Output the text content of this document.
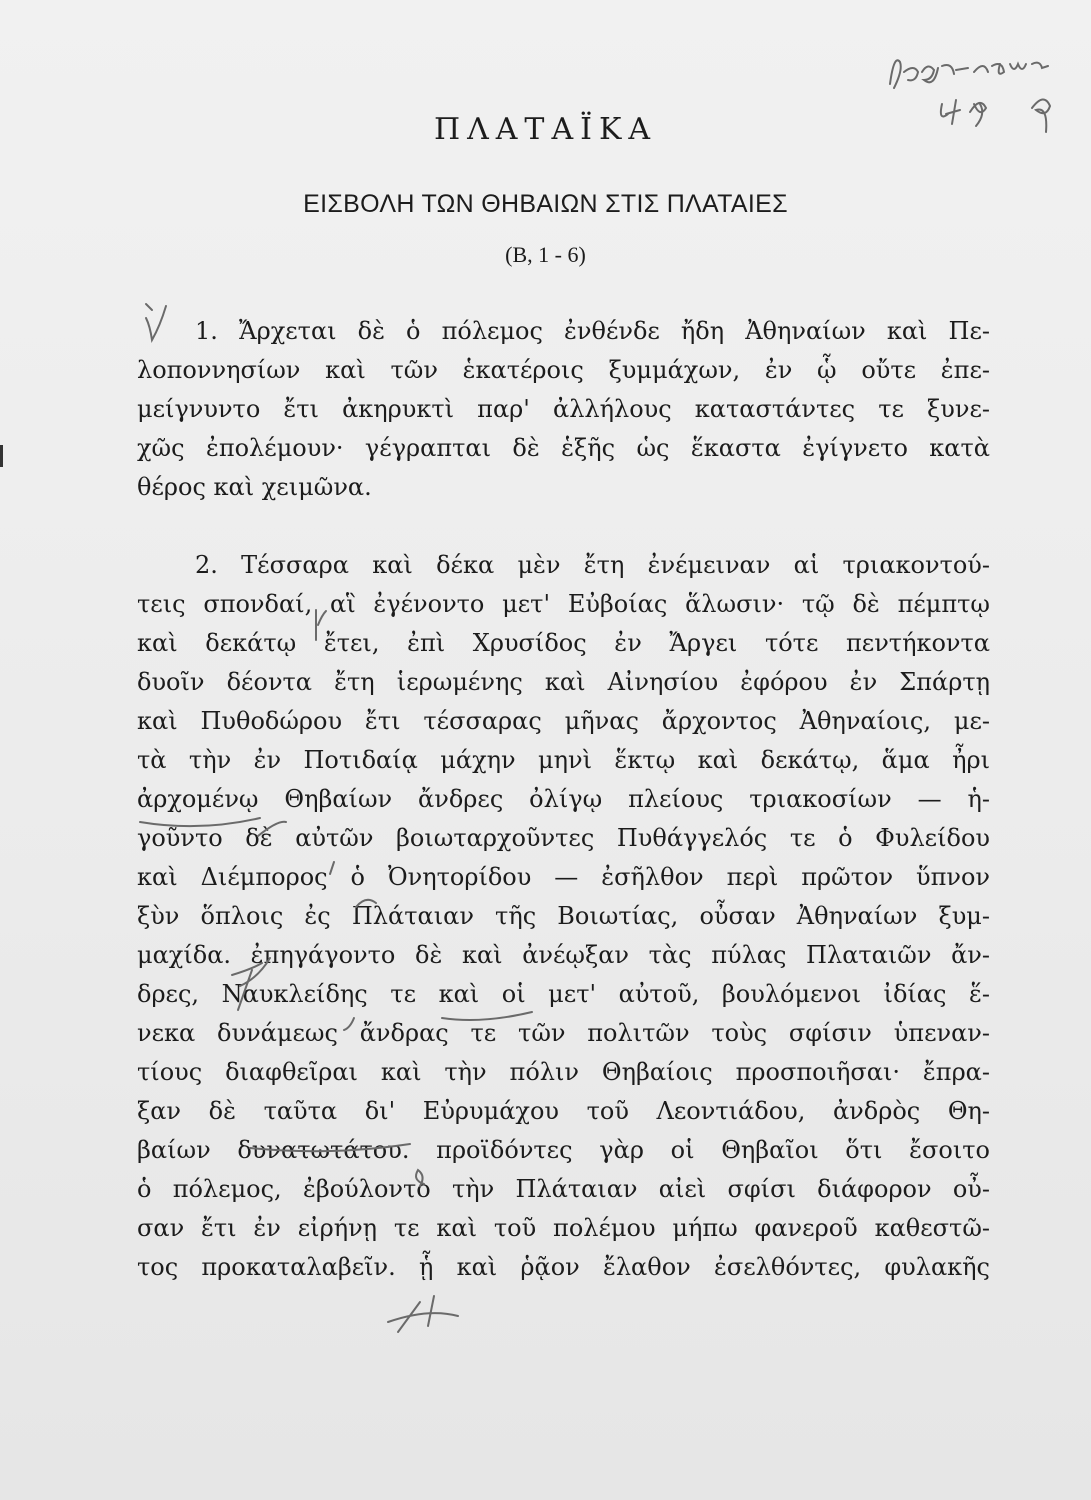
ΠΛΑΤΑΪΚΑ
ΕΙΣΒΟΛΗ ΤΩΝ ΘΗΒΑΙΩΝ ΣΤΙΣ ΠΛΑΤΑΙΕΣ
(Β, 1 - 6)

1. Ἄρχεται δὲ ὁ πόλεμος ἐνθένδε ἤδη Ἀθηναίων καὶ Πε-
λοποννησίων καὶ τῶν ἑκατέροις ξυμμάχων, ἐν ᾧ οὔτε ἐπε-
μείγνυντο ἔτι ἀκηρυκτὶ παρ' ἀλλήλους καταστάντες τε ξυνε-
χῶς ἐπολέμουν· γέγραπται δὲ ἑξῆς ὡς ἕκαστα ἐγίγνετο κατὰ
θέρος καὶ χειμῶνα.

2. Τέσσαρα καὶ δέκα μὲν ἔτη ἐνέμειναν αἱ τριακοντού-
τεις σπονδαί, αἳ ἐγένοντο μετ' Εὐβοίας ἅλωσιν· τῷ δὲ πέμπτῳ
καὶ δεκάτῳ ἔτει, ἐπὶ Χρυσίδος ἐν Ἄργει τότε πεντήκοντα
δυοῖν δέοντα ἔτη ἱερωμένης καὶ Αἰνησίου ἐφόρου ἐν Σπάρτῃ
καὶ Πυθοδώρου ἔτι τέσσαρας μῆνας ἄρχοντος Ἀθηναίοις, με-
τὰ τὴν ἐν Ποτιδαίᾳ μάχην μηνὶ ἕκτῳ καὶ δεκάτῳ, ἅμα ἦρι
ἀρχομένῳ Θηβαίων ἄνδρες ὀλίγῳ πλείους τριακοσίων — ἡ-
γοῦντο δὲ αὐτῶν βοιωταρχοῦντες Πυθάγγελός τε ὁ Φυλείδου
καὶ Διέμπορος ὁ Ὀνητορίδου — ἐσῆλθον περὶ πρῶτον ὕπνον
ξὺν ὅπλοις ἐς Πλάταιαν τῆς Βοιωτίας, οὖσαν Ἀθηναίων ξυμ-
μαχίδα. ἐπηγάγοντο δὲ καὶ ἀνέῳξαν τὰς πύλας Πλαταιῶν ἄν-
δρες, Ναυκλείδης τε καὶ οἱ μετ' αὐτοῦ, βουλόμενοι ἰδίας ἕ-
νεκα δυνάμεως ἄνδρας τε τῶν πολιτῶν τοὺς σφίσιν ὑπεναν-
τίους διαφθεῖραι καὶ τὴν πόλιν Θηβαίοις προσποιῆσαι· ἔπρα-
ξαν δὲ ταῦτα δι' Εὐρυμάχου τοῦ Λεοντιάδου, ἀνδρὸς Θη-
βαίων δυνατωτάτου. προϊδόντες γὰρ οἱ Θηβαῖοι ὅτι ἔσοιτο
ὁ πόλεμος, ἐβούλοντο τὴν Πλάταιαν αἰεὶ σφίσι διάφορον οὖ-
σαν ἔτι ἐν εἰρήνῃ τε καὶ τοῦ πολέμου μήπω φανεροῦ καθεστῶ-
τος προκαταλαβεῖν. ᾗ καὶ ῥᾷον ἔλαθον ἐσελθόντες, φυλακῆς
